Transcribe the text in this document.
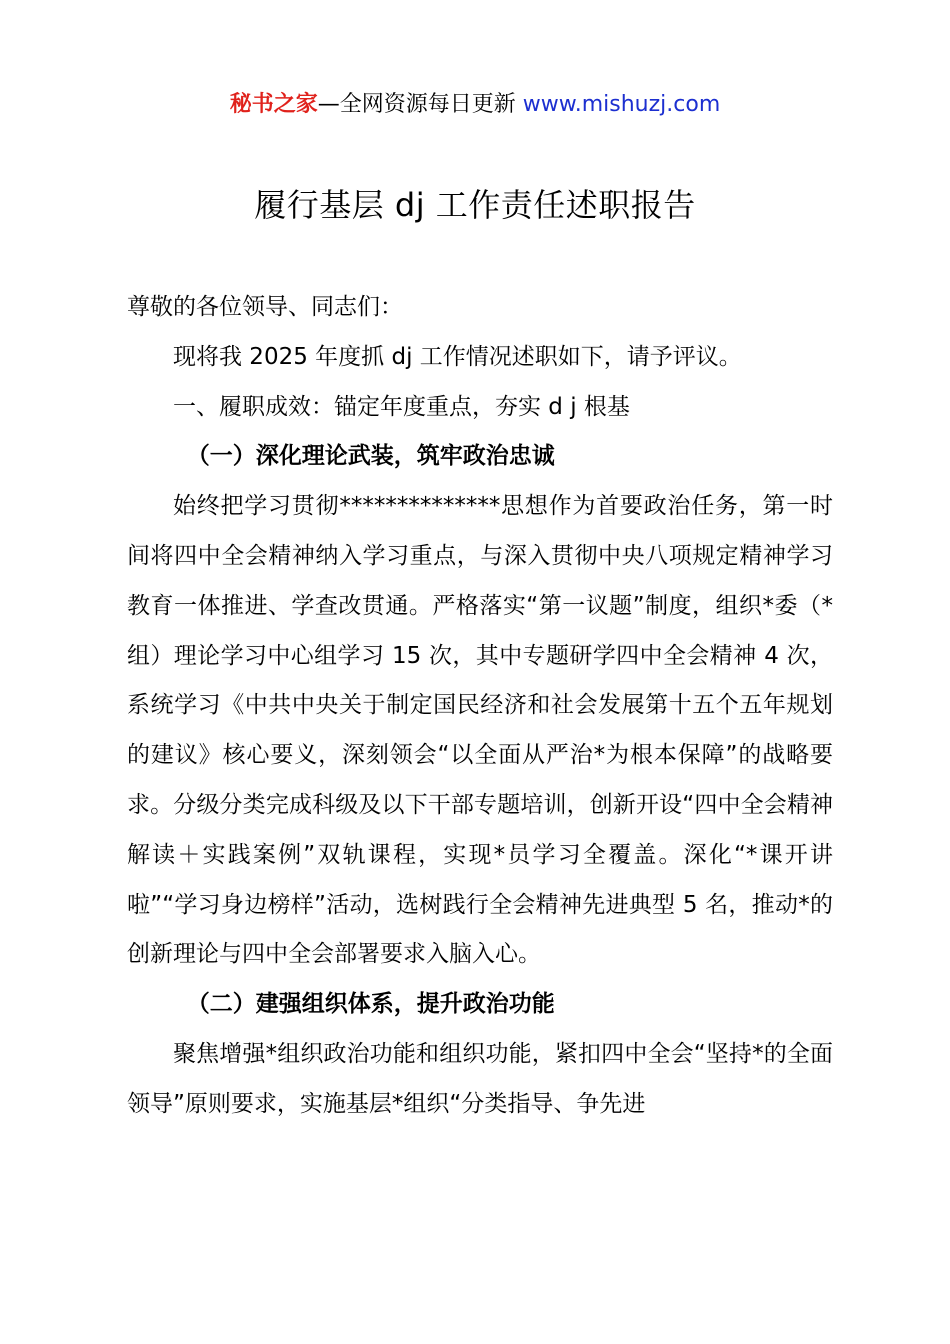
秘书之家—全网资源每日更新 www.mishuzj.com
履行基层 dj 工作责任述职报告

尊敬的各位领导、同志们：

现将我 2025 年度抓 dj 工作情况述职如下，请予评议。

一、履职成效：锚定年度重点，夯实 d j 根基

（一）深化理论武装，筑牢政治忠诚

始终把学习贯彻**************思想作为首要政治任务，第一时间将四中全会精神纳入学习重点，与深入贯彻中央八项规定精神学习教育一体推进、学查改贯通。严格落实“第一议题”制度，组织*委（*组）理论学习中心组学习 15 次，其中专题研学四中全会精神 4 次，系统学习《中共中央关于制定国民经济和社会发展第十五个五年规划的建议》核心要义，深刻领会“以全面从严治*为根本保障”的战略要求。分级分类完成科级及以下干部专题培训，创新开设“四中全会精神解读＋实践案例”双轨课程，实现*员学习全覆盖。深化“*课开讲啦”“学习身边榜样”活动，选树践行全会精神先进典型 5 名，推动*的创新理论与四中全会部署要求入脑入心。

（二）建强组织体系，提升政治功能

聚焦增强*组织政治功能和组织功能，紧扣四中全会“坚持*的全面领导”原则要求，实施基层*组织“分类指导、争先进
